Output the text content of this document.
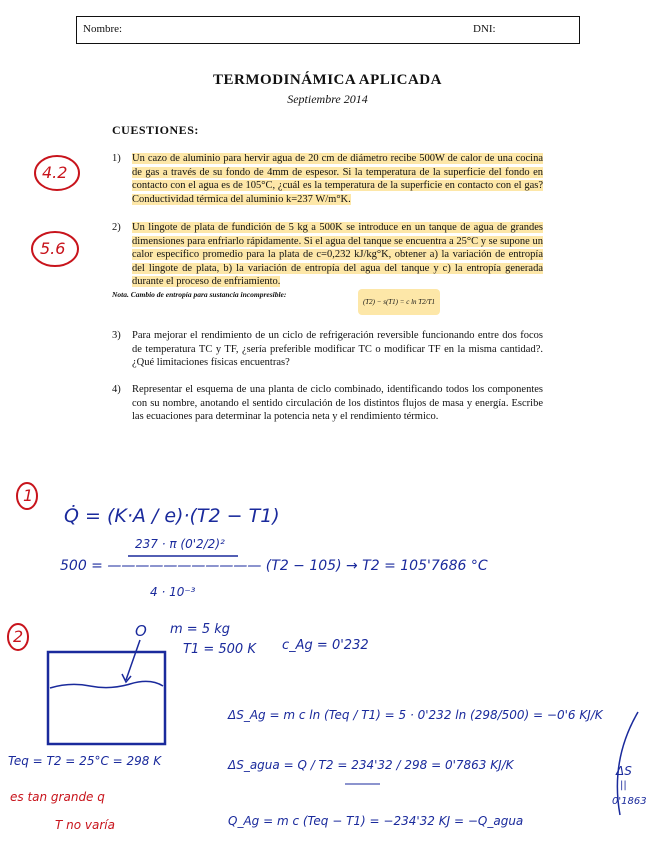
Nombre:	DNI:
TERMODINÁMICA APLICADA
Septiembre 2014
CUESTIONES:
1) Un cazo de aluminio para hervir agua de 20 cm de diámetro recibe 500W de calor de una cocina de gas a través de su fondo de 4mm de espesor. Si la temperatura de la superficie del fondo en contacto con el agua es de 105°C, ¿cuál es la temperatura de la superficie en contacto con el gas? Conductividad térmica del aluminio k=237 W/m°K.
2) Un lingote de plata de fundición de 5 kg a 500K se introduce en un tanque de agua de grandes dimensiones para enfriarlo rápidamente. Si el agua del tanque se encuentra a 25°C y se supone un calor específico promedio para la plata de c=0,232 kJ/kg°K, obtener a) la variación de entropía del lingote de plata, b) la variación de entropía del agua del tanque y c) la entropía generada durante el proceso de enfriamiento.
Nota. Cambio de entropía para sustancia incompresible:
(T2) − s(T1) = c ln T2/T1
3) Para mejorar el rendimiento de un ciclo de refrigeración reversible funcionando entre dos focos de temperatura TC y TF, ¿sería preferible modificar TC o modificar TF en la misma cantidad?. ¿Qué limitaciones físicas encuentras?
4) Representar el esquema de una planta de ciclo combinado, identificando todos los componentes con su nombre, anotando el sentido circulación de los distintos flujos de masa y energía. Escribe las ecuaciones para determinar la potencia neta y el rendimiento térmico.
4.2
5.6
1
Q̇ = (K·A / e)·(T2 − T1)
237 · π (0'2/2)²
500 = ——————————— (T2 − 105) → T2 = 105'7686 °C
4 · 10⁻³
2	O m = 5 kg
T1 = 500 K c_Ag = 0'232
ΔS_Ag = m c ln (Teq / T1) = 5 · 0'232 ln (298/500) = −0'6 KJ/K
ΔS_agua = Q / T2 = 234'32 / 298 = 0'7863 KJ/K
Q_Ag = m c (Teq − T1) = −234'32 KJ = −Q_agua
Teq = T2 = 25°C = 298 K
es tan grande q
T no varía
ΔS
||
0'1863
